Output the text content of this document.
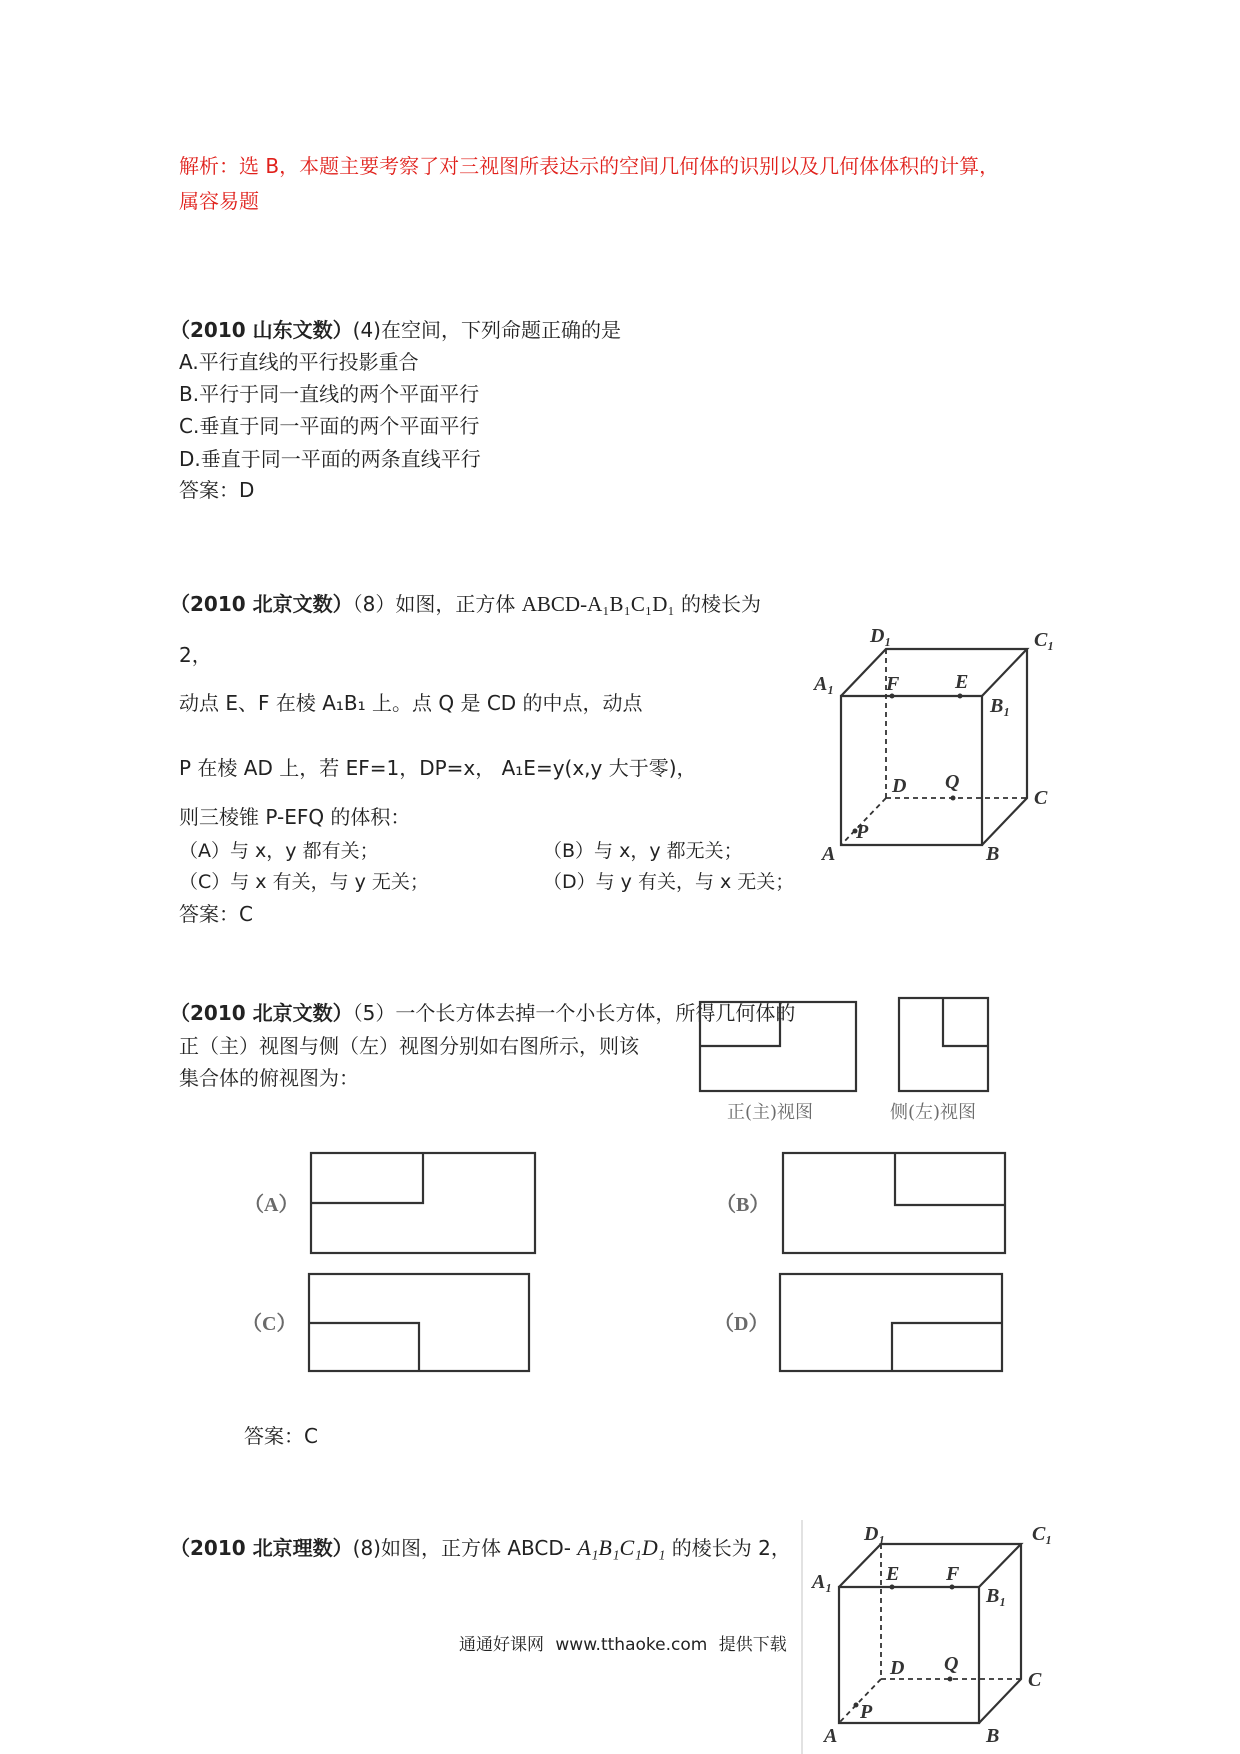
解析：选 B，本题主要考察了对三视图所表达示的空间几何体的识别以及几何体体积的计算，
属容易题
（2010 山东文数）(4)在空间，下列命题正确的是
A.平行直线的平行投影重合
B.平行于同一直线的两个平面平行
C.垂直于同一平面的两个平面平行
D.垂直于同一平面的两条直线平行
答案：D
（2010 北京文数）（8）如图，正方体 ABCD-A₁B₁C₁D₁ 的棱长为
2，
动点 E、F 在棱 A₁B₁ 上。点 Q 是 CD 的中点，动点
P 在棱 AD 上，若 EF=1，DP=x， A₁E=y(x,y 大于零)，
则三棱锥 P-EFQ 的体积：
（A）与 x，y 都有关；	（B）与 x，y 都无关；
（C）与 x 有关，与 y 无关；	（D）与 y 有关，与 x 无关；
答案：C
D₁	C₁
A₁	F	E
B₁
D Q
C
A
P
B
（2010 北京文数）（5）一个长方体去掉一个小长方体，所得几何体的
正（主）视图与侧（左）视图分别如右图所示，则该
集合体的俯视图为：
正(主)视图	侧(左)视图
（A）	（B）
（C）	（D）
答案：C
（2010 北京理数）(8)如图，正方体 ABCD- A₁B₁C₁D₁ 的棱长为 2，
D₁	C₁
A₁	E F
B₁
D Q
C
A
P
B
通通好课网 www.tthaoke.com 提供下载
